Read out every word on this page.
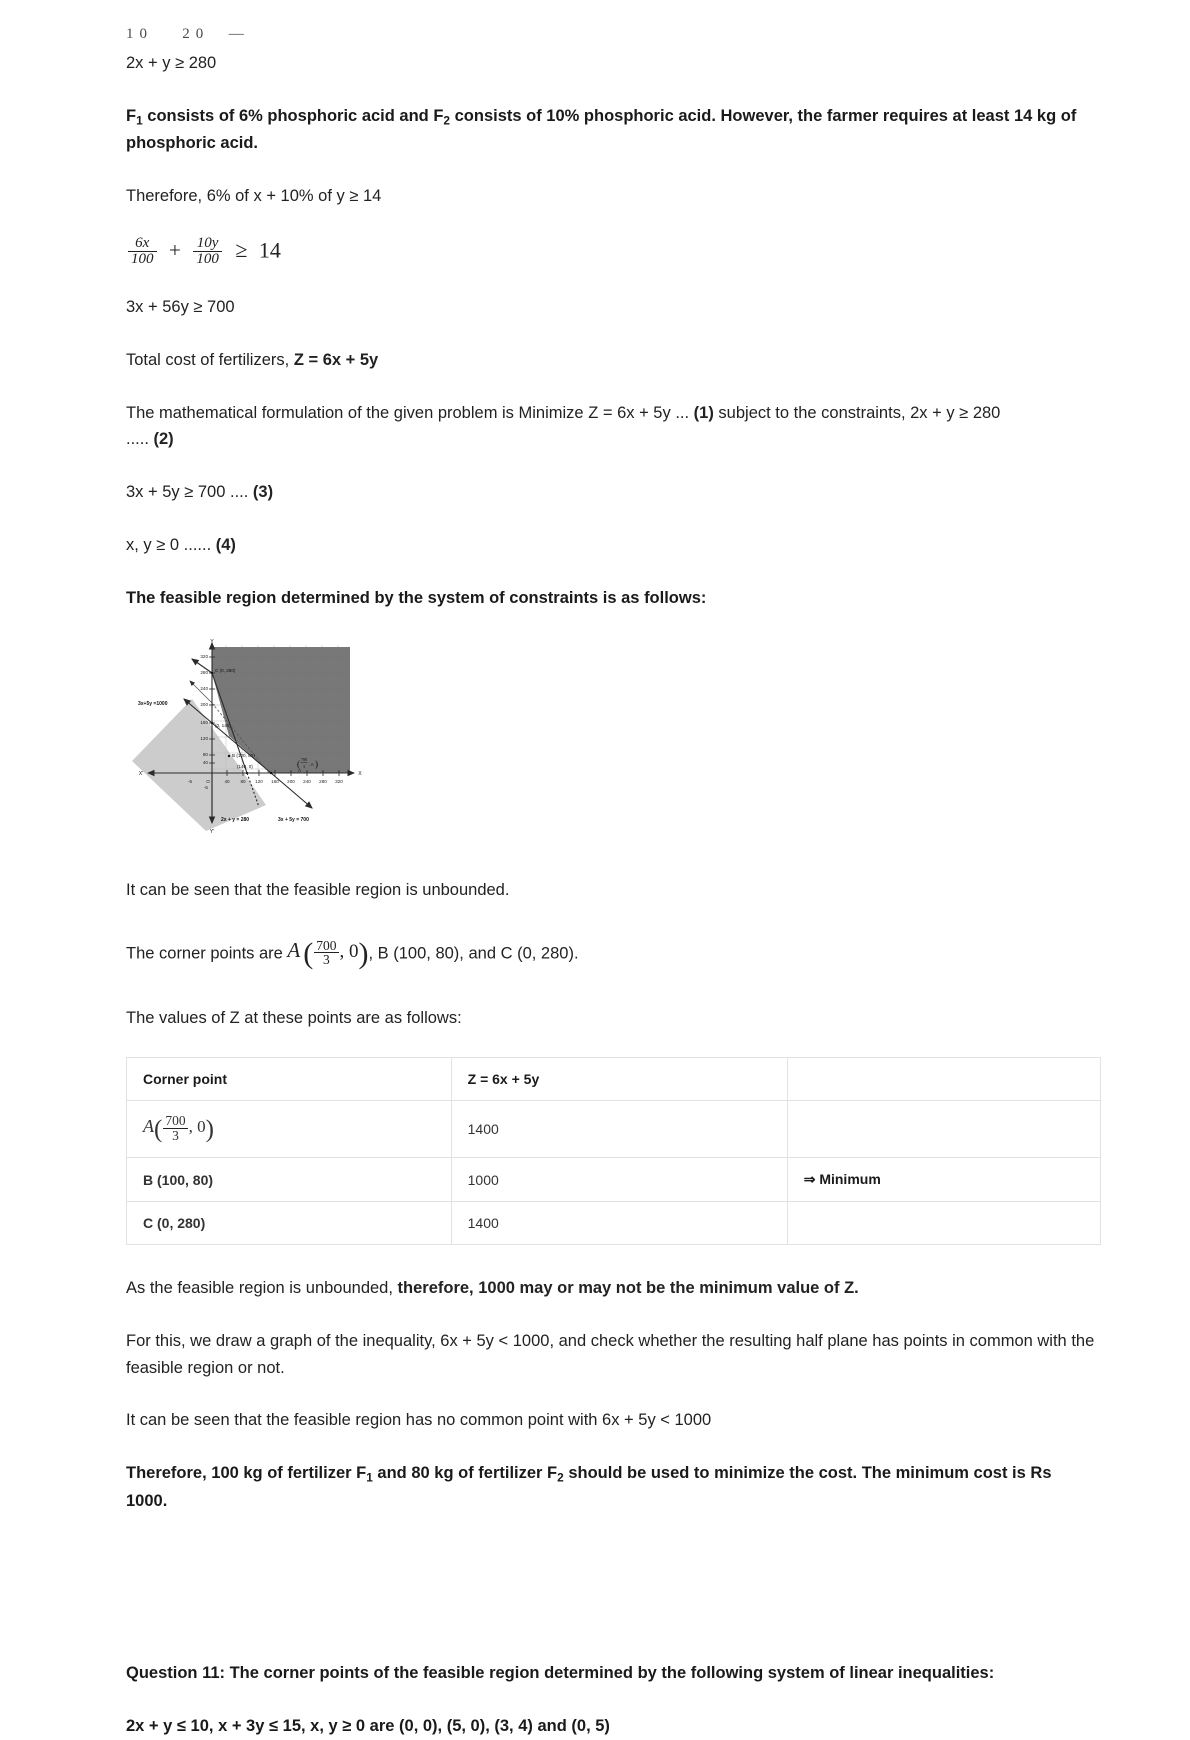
10   20  —

2x + y ≥ 280

$F_1$ consists of 6% phosphoric acid and $F_2$ consists of 10% phosphoric acid. However, the farmer requires at least 14 kg of phosphoric acid.

Therefore, 6% of x + 10% of y ≥ 14

$\frac{6x}{100} + \frac{10y}{100} \ge 14$

3x + 56y ≥ 700

Total cost of fertilizers, Z = 6x + 5y

The mathematical formulation of the given problem is Minimize Z = 6x + 5y ... (1) subject to the constraints, 2x + y ≥ 280
..... (2)

3x + 5y ≥ 700 .... (3)

x, y ≥ 0 ...... (4)

The feasible region determined by the system of constraints is as follows:

320
280
240
200
160
120
80
40
-5
40 80 120 160 200 240 280 320
-5	O
Y
Y'
X
X'
C (0, 280)
B (100, 80)
(140, 0)
(0, 140)
A
700
3 , 0
( )
3x+5y =1000
2x + y = 280	3x + 5y = 700

It can be seen that the feasible region is unbounded.

The corner points are A ( $\frac{700}{3}$ , 0), B (100, 80), and C (0, 280).

The values of Z at these points are as follows:

Corner point	Z = 6x + 5y	
$A( \frac{700}{3}$ , 0)	1400	
B (100, 80)	1000	⇒ Minimum
C (0, 280)	1400	

As the feasible region is unbounded, therefore, 1000 may or may not be the minimum value of Z.

For this, we draw a graph of the inequality, 6x + 5y < 1000, and check whether the resulting half plane has points in common with the feasible region or not.

It can be seen that the feasible region has no common point with 6x + 5y < 1000

Therefore, 100 kg of fertilizer $F_1$ and 80 kg of fertilizer $F_2$ should be used to minimize the cost. The minimum cost is Rs 1000.

Question 11: The corner points of the feasible region determined by the following system of linear inequalities:

2x + y ≤ 10, x + 3y ≤ 15, x, y ≥ 0 are (0, 0), (5, 0), (3, 4) and (0, 5)
